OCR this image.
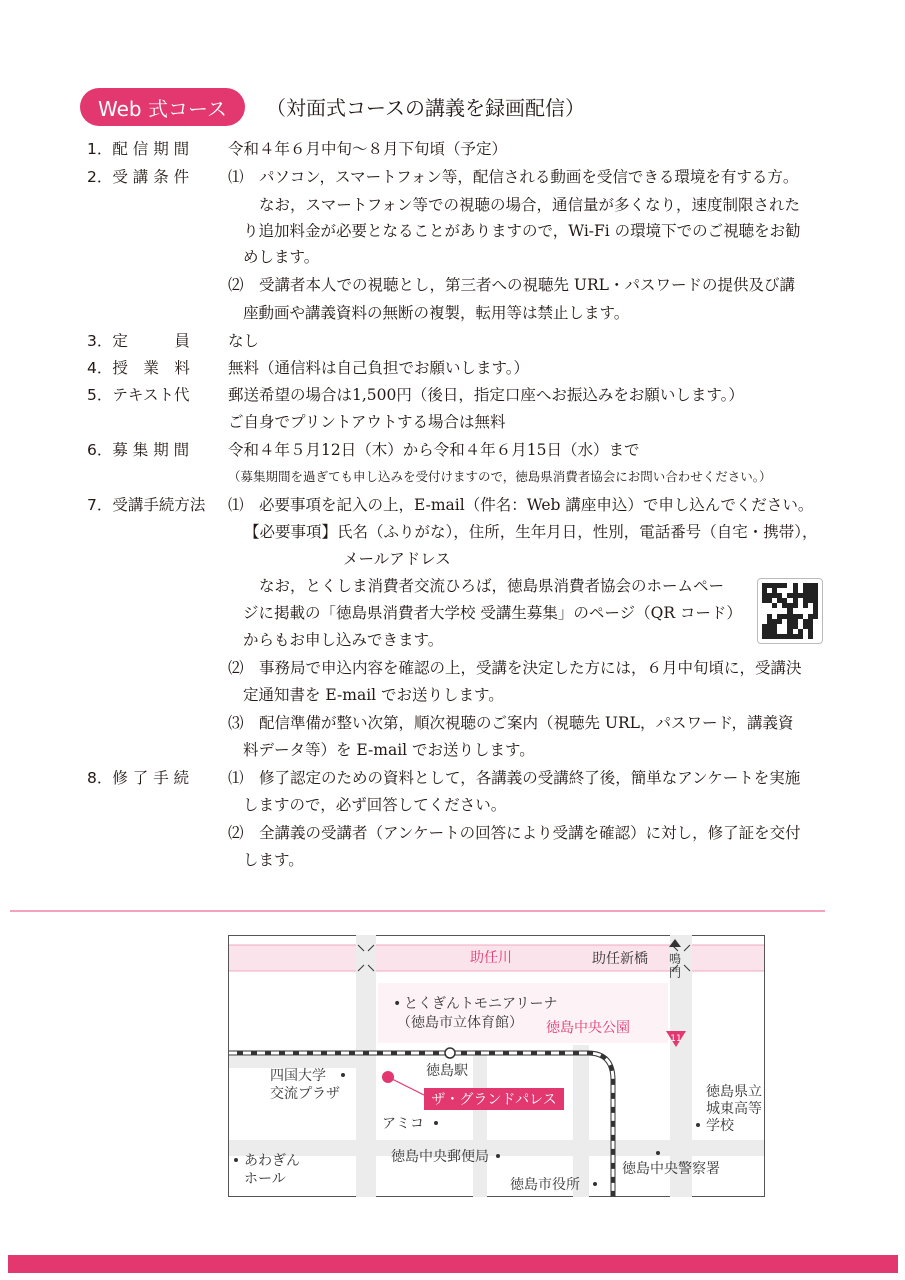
Web 式コース	（対面式コースの講義を録画配信）
1．配 信 期 間	令和４年６月中旬～８月下旬頃（予定）
2．受 講 条 件	⑴　パソコン，スマートフォン等，配信される動画を受信できる環境を有する方。
なお，スマートフォン等での視聴の場合，通信量が多くなり，速度制限された
り追加料金が必要となることがありますので，Wi-Fi の環境下でのご視聴をお勧
めします。
⑵　受講者本人での視聴とし，第三者への視聴先 URL・パスワードの提供及び講
座動画や講義資料の無断の複製，転用等は禁止します。
3．定　　　員 なし
4．授　業　料 無料（通信料は自己負担でお願いします。）
5．テキスト代 郵送希望の場合は1,500円（後日，指定口座へお振込みをお願いします。）
ご自身でプリントアウトする場合は無料
6．募 集 期 間	令和４年５月12日（木）から令和４年６月15日（水）まで
（募集期間を過ぎても申し込みを受付けますので，徳島県消費者協会にお問い合わせください。）
7．受講手続方法 ⑴　必要事項を記入の上，E-mail（件名：Web 講座申込）で申し込んでください。
【必要事項】氏名（ふりがな），住所，生年月日，性別，電話番号（自宅・携帯），
メールアドレス
なお，とくしま消費者交流ひろば，徳島県消費者協会のホームペー
ジに掲載の「徳島県消費者大学校 受講生募集」のページ（QR コード）
からもお申し込みできます。
⑵　事務局で申込内容を確認の上，受講を決定した方には，６月中旬頃に，受講決
定通知書を E-mail でお送りします。
⑶　配信準備が整い次第，順次視聴のご案内（視聴先 URL，パスワード，講義資
料データ等）を E-mail でお送りします。
8．修 了 手 続	⑴　修了認定のための資料として，各講義の受講終了後，簡単なアンケートを実施
しますので，必ず回答してください。
⑵　全講義の受講者（アンケートの回答により受講を確認）に対し，修了証を交付
します。
11
ザ・グランドパレス
助任川	助任新橋 鳴
門
• とくぎんトモニアリーナ
（徳島市立体育館） 徳島中央公園
四国大学
交流プラザ
徳島駅
アミコ
徳島県立
城東高等
学校
あわぎん
ホール
徳島中央郵便局
徳島市役所
徳島中央警察署
